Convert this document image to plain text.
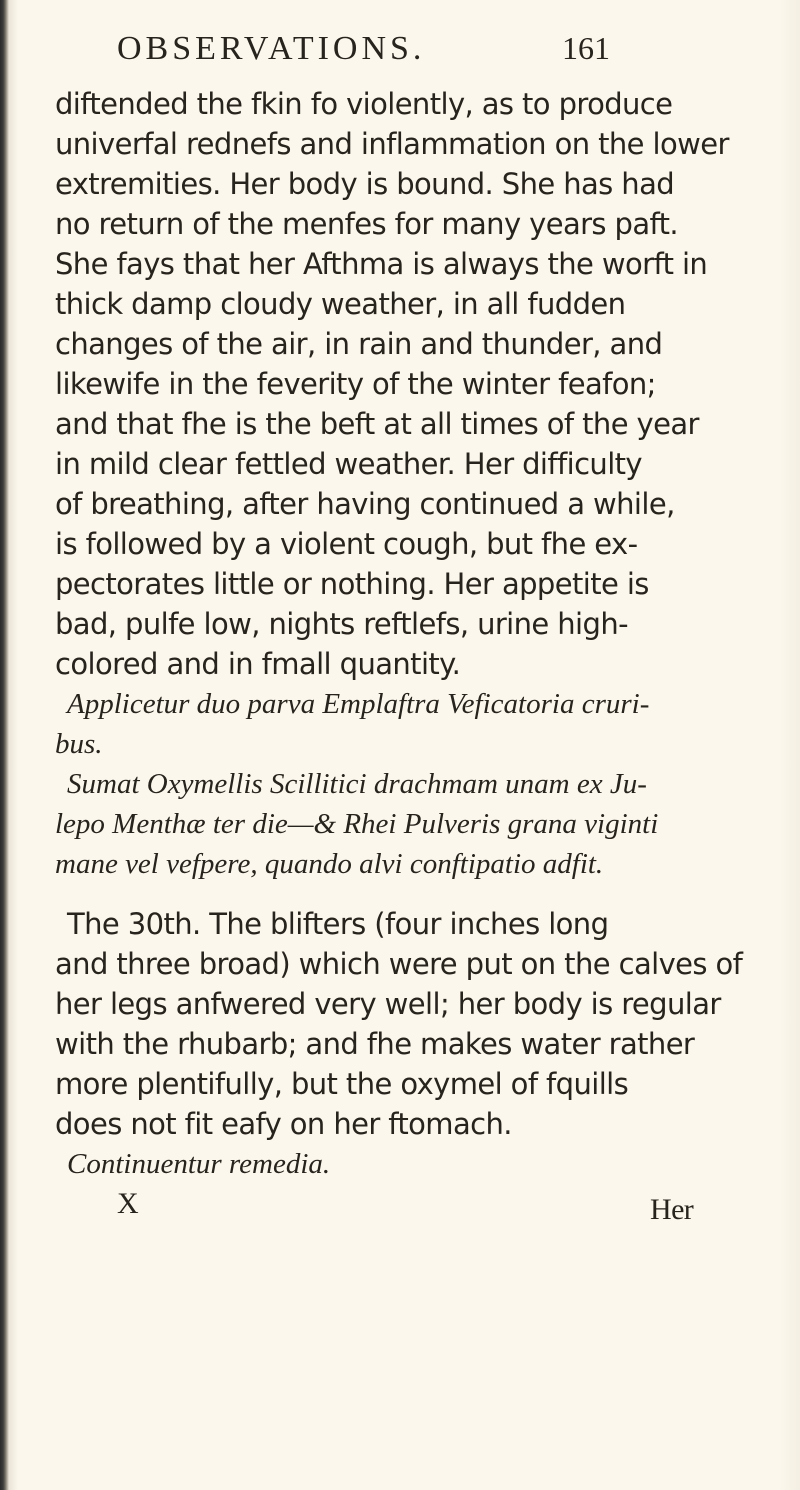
OBSERVATIONS.	161
diftended the fkin fo violently, as to produce
univerfal rednefs and inflammation on the lower
extremities. Her body is bound. She has had
no return of the menfes for many years paft.
She fays that her Afthma is always the worft in
thick damp cloudy weather, in all fudden
changes of the air, in rain and thunder, and
likewife in the feverity of the winter feafon;
and that fhe is the beft at all times of the year
in mild clear fettled weather. Her difficulty
of breathing, after having continued a while,
is followed by a violent cough, but fhe ex-
pectorates little or nothing. Her appetite is
bad, pulfe low, nights reftlefs, urine high-
colored and in fmall quantity.
Applicetur duo parva Emplaftra Veficatoria cruri-
bus.
Sumat Oxymellis Scillitici drachmam unam ex Ju-
lepo Menthæ ter die—& Rhei Pulveris grana viginti
mane vel vefpere, quando alvi conftipatio adfit.
The 30th. The blifters (four inches long
and three broad) which were put on the calves of
her legs anfwered very well; her body is regular
with the rhubarb; and fhe makes water rather
more plentifully, but the oxymel of fquills
does not fit eafy on her ftomach.
Continuentur remedia.
X	Her
